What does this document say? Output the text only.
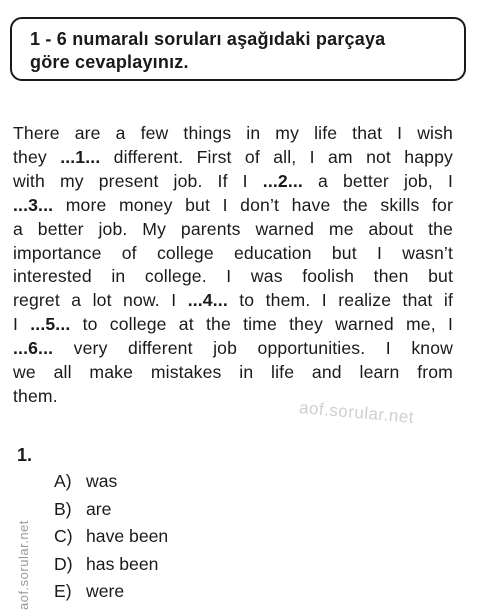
1 - 6 numaralı soruları aşağıdaki parçaya
göre cevaplayınız.
There are a few things in my life that I wish
they ...1... different. First of all, I am not happy
with my present job. If I ...2... a better job, I
...3... more money but I don’t have the skills for
a better job. My parents warned me about the
importance of college education but I wasn’t
interested in college. I was foolish then but
regret a lot now. I ...4... to them. I realize that if
I ...5... to college at the time they warned me, I
...6... very different job opportunities. I know
we all make mistakes in life and learn from
them.
aof.sorular.net
aof.sorular.net
1.
A) was
B) are
C) have been
D) has been
E) were
